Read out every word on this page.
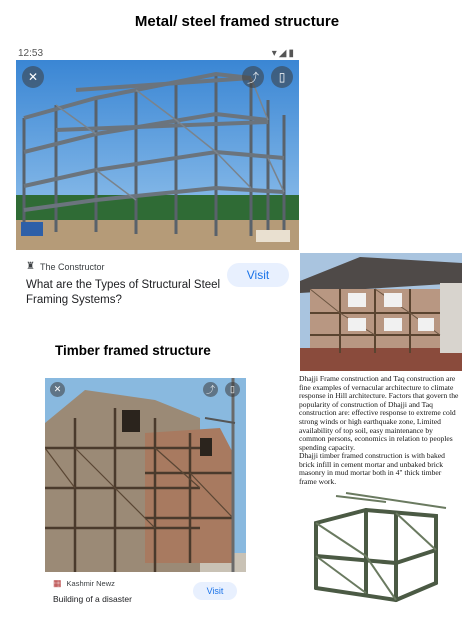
Metal/ steel framed structure
12:53	▾◢▮
✕	⤴	▯
♜ The Constructor
Visit
What are the Types of Structural Steel Framing Systems?
Timber framed structure
✕	⤴	▯
▦ Kashmir Newz
Building of a disaster
Visit
Dhajji Frame construction and Taq construction are fine examples of vernacular architecture to climate response in Hill architecture. Factors that govern the popularity of construction of Dhajji and Taq construction are: effective response to extreme cold strong winds or high earthquake zone, Limited availability of top soil, easy maintenance by common persons, economics in relation to peoples spending capacity.
Dhajji timber framed construction is with baked brick infill in cement mortar and unbaked brick masonry in mud mortar both in 4" thick timber frame work.
